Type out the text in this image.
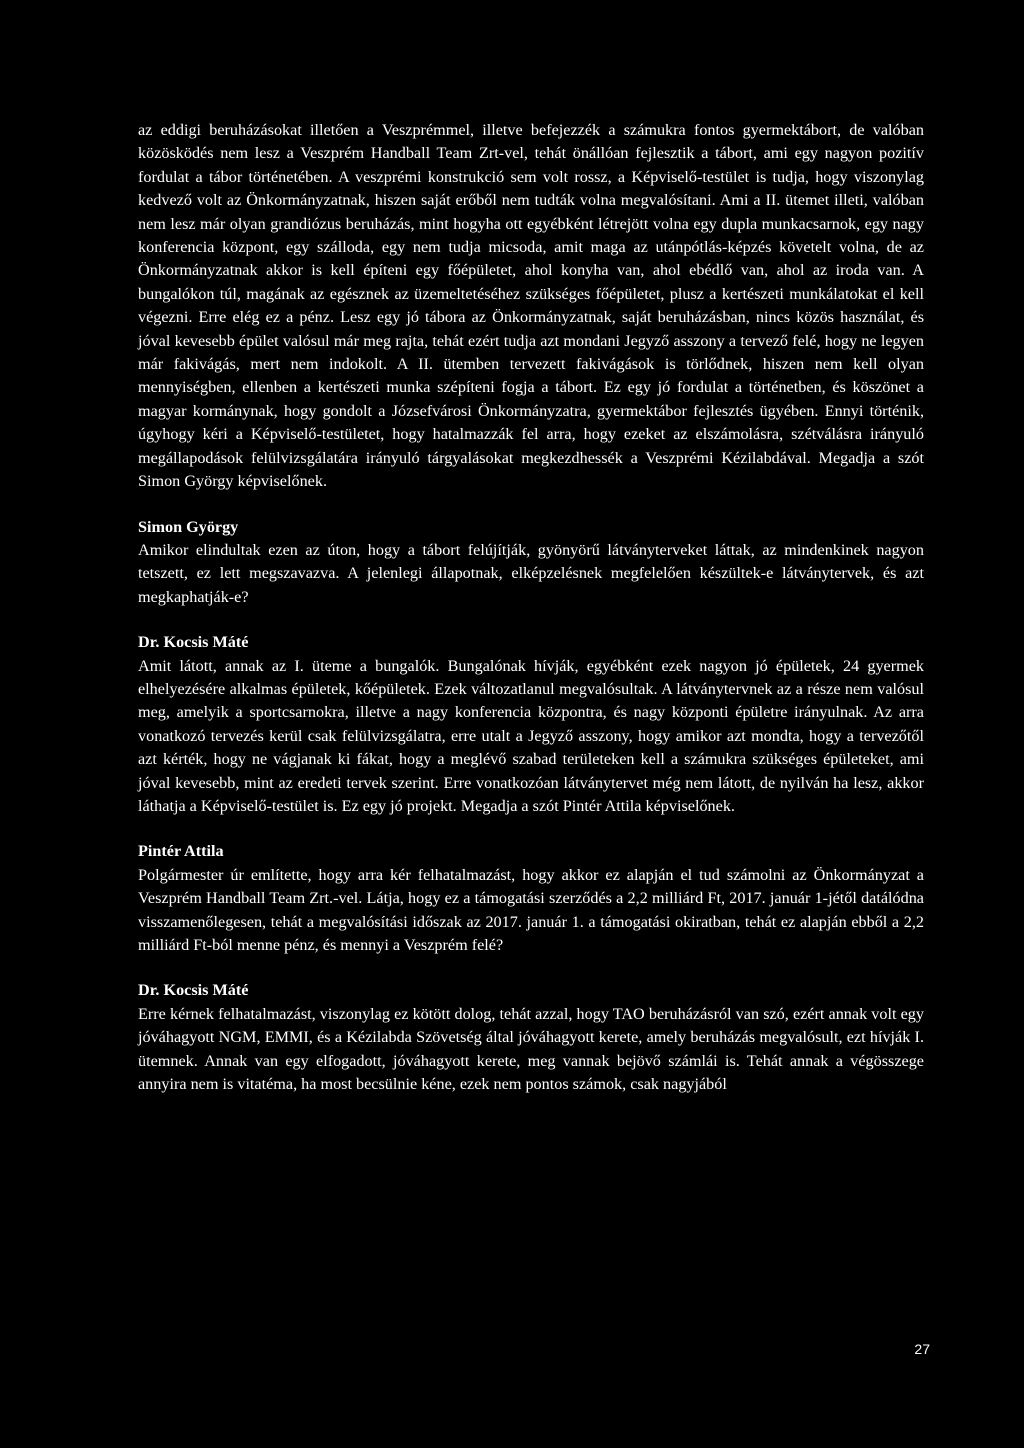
az eddigi beruházásokat illetően a Veszprémmel, illetve befejezzék a számukra fontos gyermektábort, de valóban közösködés nem lesz a Veszprém Handball Team Zrt-vel, tehát önállóan fejlesztik a tábort, ami egy nagyon pozitív fordulat a tábor történetében. A veszprémi konstrukció sem volt rossz, a Képviselő-testület is tudja, hogy viszonylag kedvező volt az Önkormányzatnak, hiszen saját erőből nem tudták volna megvalósítani. Ami a II. ütemet illeti, valóban nem lesz már olyan grandiózus beruházás, mint hogyha ott egyébként létrejött volna egy dupla munkacsarnok, egy nagy konferencia központ, egy szálloda, egy nem tudja micsoda, amit maga az utánpótlás-képzés követelt volna, de az Önkormányzatnak akkor is kell építeni egy főépületet, ahol konyha van, ahol ebédlő van, ahol az iroda van. A bungalókon túl, magának az egésznek az üzemeltetéséhez szükséges főépületet, plusz a kertészeti munkálatokat el kell végezni. Erre elég ez a pénz. Lesz egy jó tábora az Önkormányzatnak, saját beruházásban, nincs közös használat, és jóval kevesebb épület valósul már meg rajta, tehát ezért tudja azt mondani Jegyző asszony a tervező felé, hogy ne legyen már fakivágás, mert nem indokolt. A II. ütemben tervezett fakivágások is törlődnek, hiszen nem kell olyan mennyiségben, ellenben a kertészeti munka szépíteni fogja a tábort. Ez egy jó fordulat a történetben, és köszönet a magyar kormánynak, hogy gondolt a Józsefvárosi Önkormányzatra, gyermektábor fejlesztés ügyében. Ennyi történik, úgyhogy kéri a Képviselő-testületet, hogy hatalmazzák fel arra, hogy ezeket az elszámolásra, szétválásra irányuló megállapodások felülvizsgálatára irányuló tárgyalásokat megkezdhessék a Veszprémi Kézilabdával. Megadja a szót Simon György képviselőnek.

Simon György

Amikor elindultak ezen az úton, hogy a tábort felújítják, gyönyörű látványterveket láttak, az mindenkinek nagyon tetszett, ez lett megszavazva. A jelenlegi állapotnak, elképzelésnek megfelelően készültek-e látványtervek, és azt megkaphatják-e?

Dr. Kocsis Máté

Amit látott, annak az I. üteme a bungalók. Bungalónak hívják, egyébként ezek nagyon jó épületek, 24 gyermek elhelyezésére alkalmas épületek, kőépületek. Ezek változatlanul megvalósultak. A látványtervnek az a része nem valósul meg, amelyik a sportcsarnokra, illetve a nagy konferencia központra, és nagy központi épületre irányulnak. Az arra vonatkozó tervezés kerül csak felülvizsgálatra, erre utalt a Jegyző asszony, hogy amikor azt mondta, hogy a tervezőtől azt kérték, hogy ne vágjanak ki fákat, hogy a meglévő szabad területeken kell a számukra szükséges épületeket, ami jóval kevesebb, mint az eredeti tervek szerint. Erre vonatkozóan látványtervet még nem látott, de nyilván ha lesz, akkor láthatja a Képviselő-testület is. Ez egy jó projekt. Megadja a szót Pintér Attila képviselőnek.

Pintér Attila

Polgármester úr említette, hogy arra kér felhatalmazást, hogy akkor ez alapján el tud számolni az Önkormányzat a Veszprém Handball Team Zrt.-vel. Látja, hogy ez a támogatási szerződés a 2,2 milliárd Ft, 2017. január 1-jétől datálódna visszamenőlegesen, tehát a megvalósítási időszak az 2017. január 1. a támogatási okiratban, tehát ez alapján ebből a 2,2 milliárd Ft-ból menne pénz, és mennyi a Veszprém felé?

Dr. Kocsis Máté

Erre kérnek felhatalmazást, viszonylag ez kötött dolog, tehát azzal, hogy TAO beruházásról van szó, ezért annak volt egy jóváhagyott NGM, EMMI, és a Kézilabda Szövetség által jóváhagyott kerete, amely beruházás megvalósult, ezt hívják I. ütemnek. Annak van egy elfogadott, jóváhagyott kerete, meg vannak bejövő számlái is. Tehát annak a végösszege annyira nem is vitatéma, ha most becsülnie kéne, ezek nem pontos számok, csak nagyjából

27
